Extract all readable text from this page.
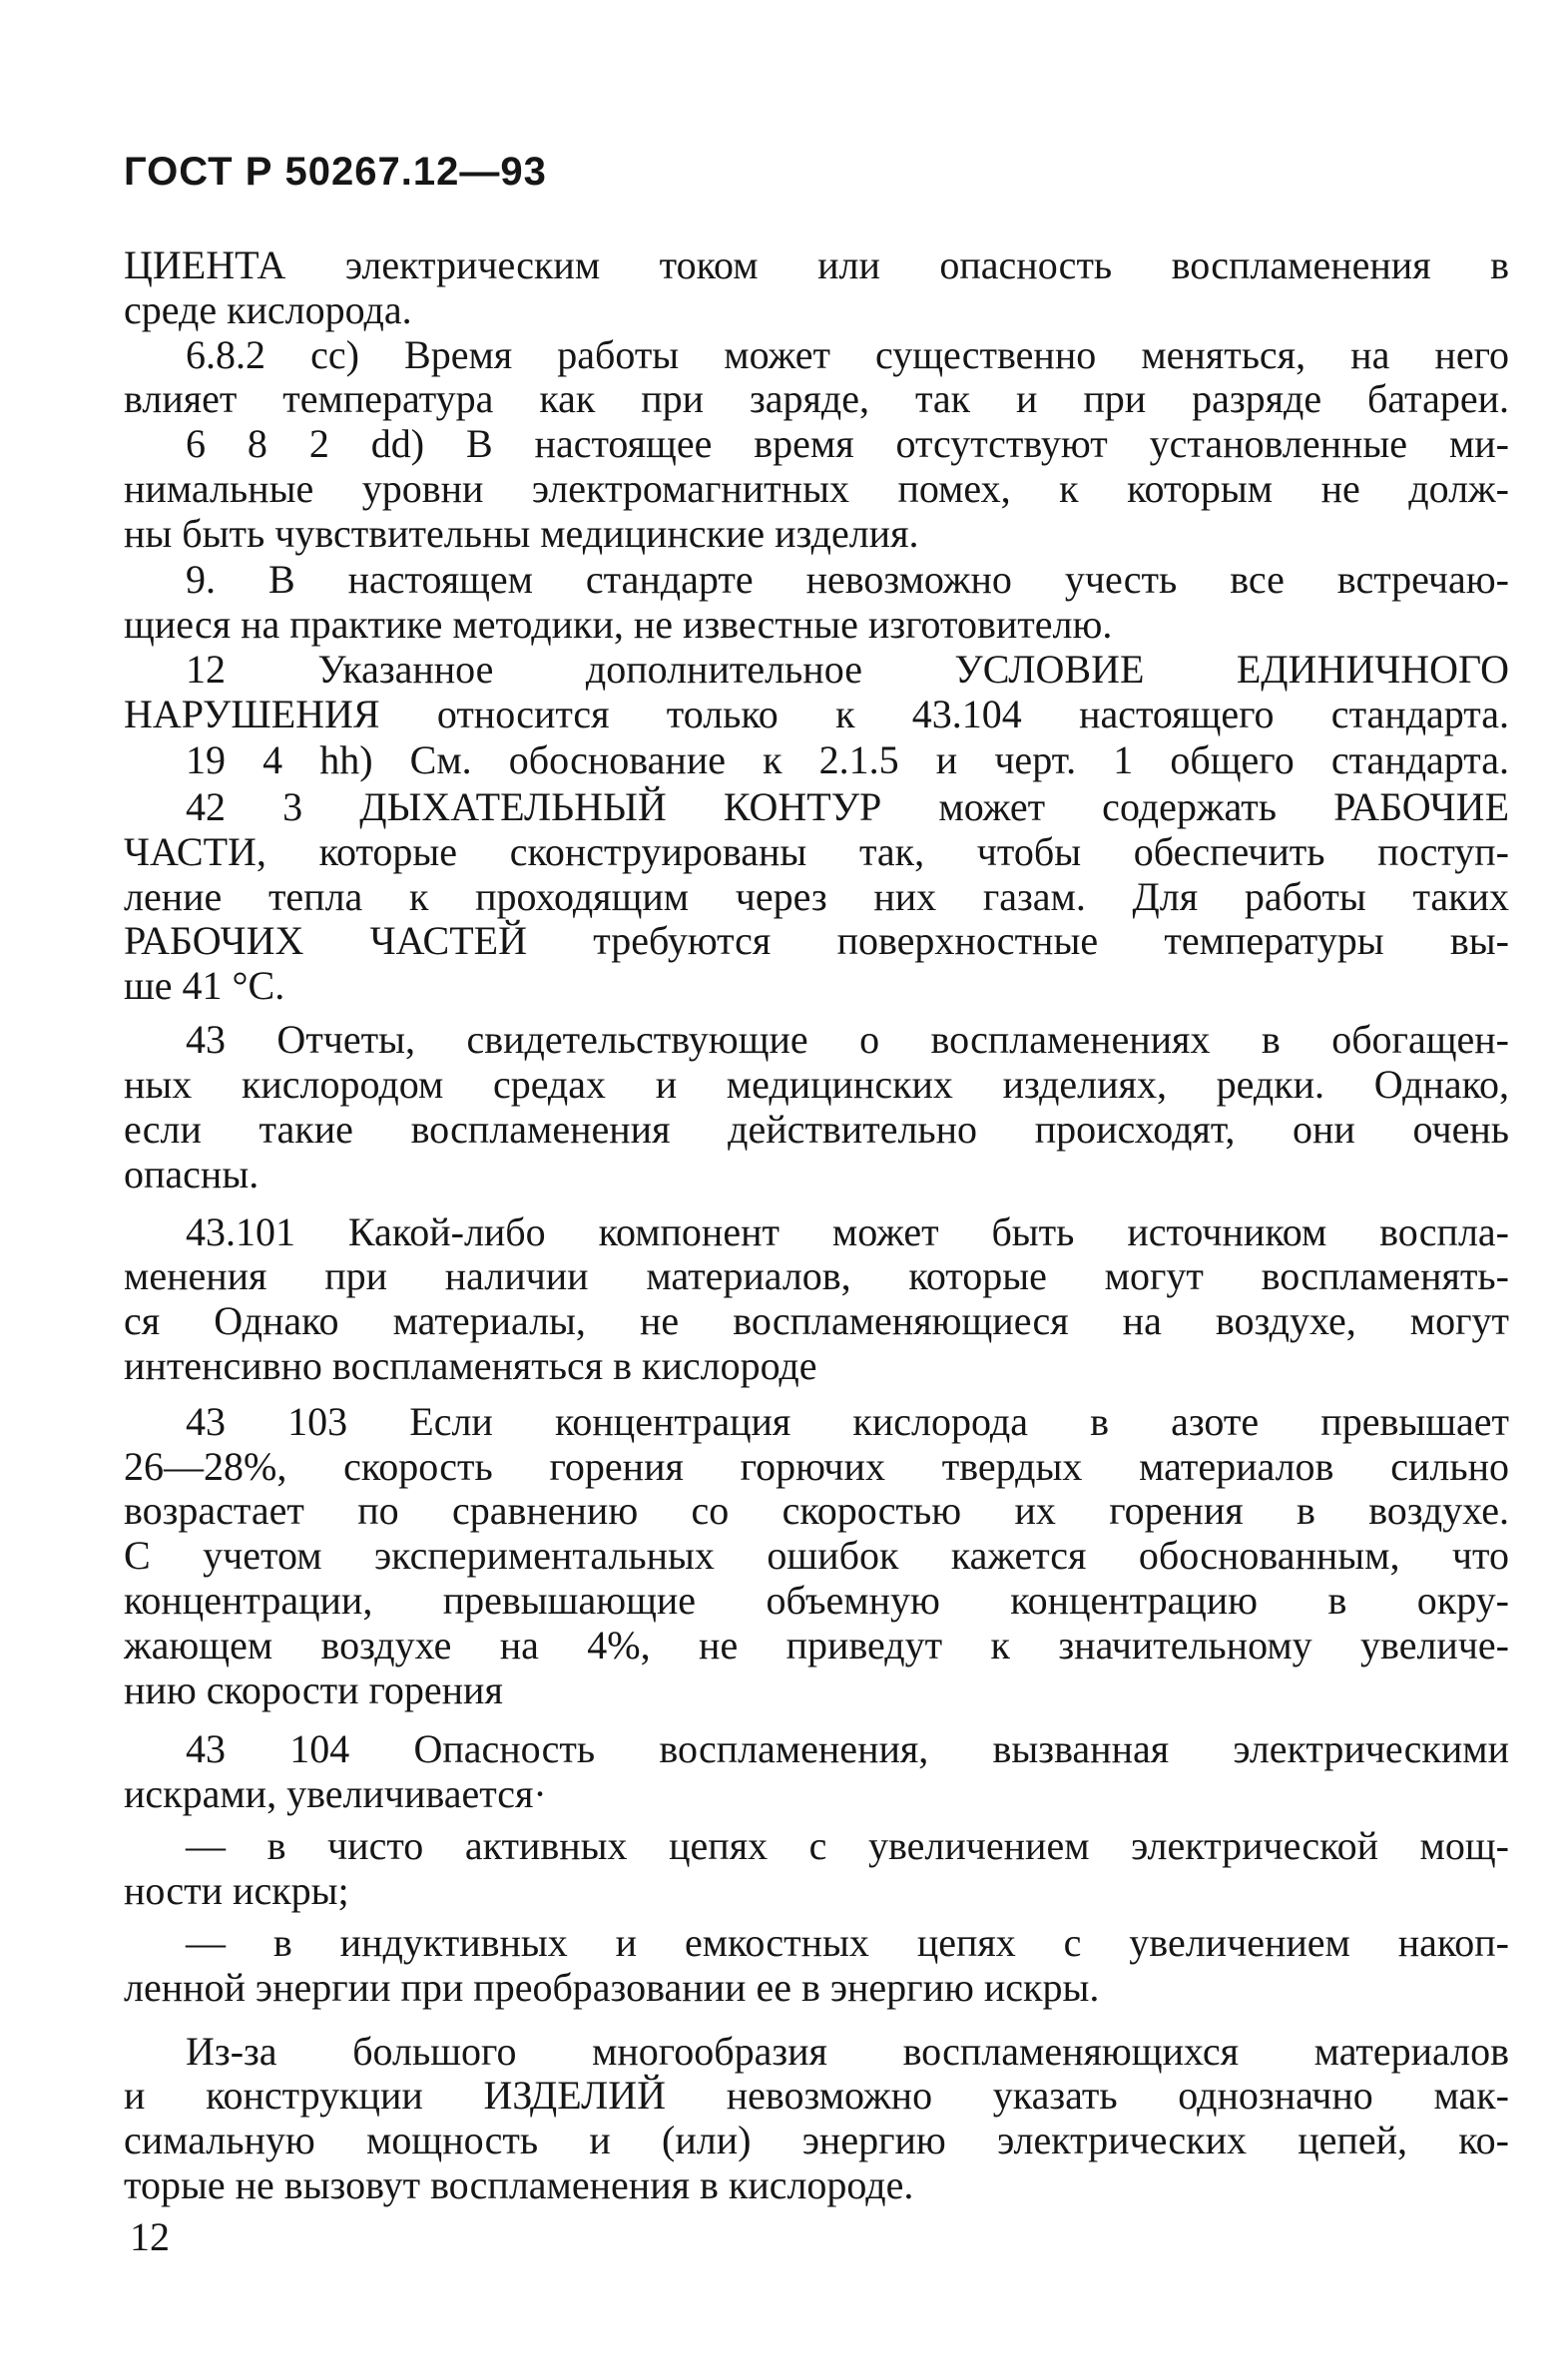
ГОСТ Р 50267.12—93
ЦИЕНТА электрическим током или опасность воспламенения в
среде кислорода.
6.8.2 сс) Время работы может существенно меняться, на него
влияет температура как при заряде, так и при разряде батареи.
6 8 2 dd) В настоящее время отсутствуют установленные ми-
нимальные уровни электромагнитных помех, к которым не долж-
ны быть чувствительны медицинские изделия.
9. В настоящем стандарте невозможно учесть все встречаю-
щиеся на практике методики, не известные изготовителю.
12 Указанное дополнительное УСЛОВИЕ ЕДИНИЧНОГО
НАРУШЕНИЯ относится только к 43.104 настоящего стандарта.
19 4 hh) См. обоснование к 2.1.5 и черт. 1 общего стандарта.
42 3 ДЫХАТЕЛЬНЫЙ КОНТУР может содержать РАБОЧИЕ
ЧАСТИ, которые сконструированы так, чтобы обеспечить поступ-
ление тепла к проходящим через них газам. Для работы таких
РАБОЧИХ ЧАСТЕЙ требуются поверхностные температуры вы-
ше 41 °С.
43 Отчеты, свидетельствующие о воспламенениях в обогащен-
ных кислородом средах и медицинских изделиях, редки. Однако,
если такие воспламенения действительно происходят, они очень
опасны.
43.101 Какой-либо компонент может быть источником воспла-
менения при наличии материалов, которые могут воспламенять-
ся Однако материалы, не воспламеняющиеся на воздухе, могут
интенсивно воспламеняться в кислороде
43 103 Если концентрация кислорода в азоте превышает
26—28%, скорость горения горючих твердых материалов сильно
возрастает по сравнению со скоростью их горения в воздухе.
С учетом экспериментальных ошибок кажется обоснованным, что
концентрации, превышающие объемную концентрацию в окру-
жающем воздухе на 4%, не приведут к значительному увеличе-
нию скорости горения
43 104 Опасность воспламенения, вызванная электрическими
искрами, увеличивается·
— в чисто активных цепях с увеличением электрической мощ-
ности искры;
— в индуктивных и емкостных цепях с увеличением накоп-
ленной энергии при преобразовании ее в энергию искры.
Из-за большого многообразия воспламеняющихся материалов
и конструкции ИЗДЕЛИЙ невозможно указать однозначно мак-
симальную мощность и (или) энергию электрических цепей, ко-
торые не вызовут воспламенения в кислороде.
12
